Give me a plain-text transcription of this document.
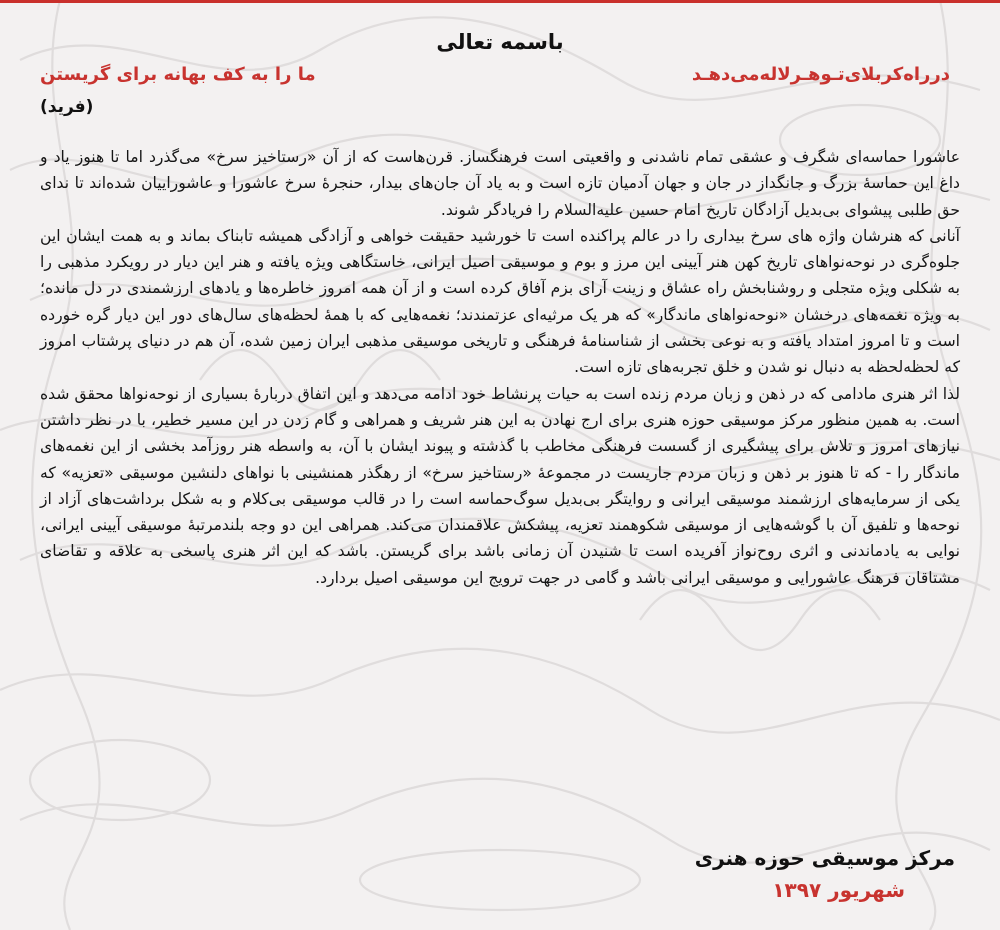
باسمه تعالی
درراه‌کربلای‌تـوهـرلاله‌می‌دهـد
ما را به کف بهانه برای گریستن
(فرید)

عاشورا حماسه‌ای شگرف و عشقی تمام ناشدنی و واقعیتی است فرهنگساز. قرن‌هاست که از آن «رستاخیز سرخ» می‌گذرد اما تا هنوز یاد و داغ این حماسهٔ بزرگ و جانگداز در جان و جهان آدمیان تازه است و به یاد آن جان‌های بیدار، حنجرهٔ سرخ عاشورا و عاشوراییان شده‌اند تا ندای حق طلبی پیشوای بی‌بدیل آزادگان تاریخ امام حسین علیه‌السلام را فریادگر شوند.

آنانی که هنرشان واژه های سرخ بیداری را در عالم پراکنده است تا خورشید حقیقت خواهی و آزادگی همیشه تابناک بماند و به همت ایشان این جلوه‌گری در نوحه‌نواهای تاریخ کهن هنر آیینی این مرز و بوم و موسیقی اصیل ایرانی، خاستگاهی ویژه یافته و هنر این دیار در رویکرد مذهبی را به شکلی ویژه متجلی و روشنابخش راه عشاق و زینت آرای بزم آفاق کرده است و از آن همه امروز خاطره‌ها و یادهای ارزشمندی در دل مانده؛ به ویژه نغمه‌های درخشان «نوحه‌نواهای ماندگار» که هر یک مرثیه‌ای عزتمندند؛ نغمه‌هایی که با همهٔ لحظه‌های سال‌های دور این دیار گره خورده است و تا امروز امتداد یافته و به نوعی بخشی از شناسنامهٔ فرهنگی و تاریخی موسیقی مذهبی ایران زمین شده، آن هم در دنیای پرشتاب امروز که لحظه‌لحظه به دنبال نو شدن و خلق تجربه‌های تازه است.

لذا اثر هنری مادامی که در ذهن و زبان مردم زنده است به حیات پرنشاط خود ادامه می‌دهد و این اتفاق دربارهٔ بسیاری از نوحه‌نواها محقق شده است. به همین منظور مرکز موسیقی حوزه هنری برای ارج نهادن به این هنر شریف و همراهی و گام زدن در این مسیر خطیر، با در نظر داشتن نیازهای امروز و تلاش برای پیشگیری از گسست فرهنگی مخاطب با گذشته و پیوند ایشان با آن، به واسطه هنر روزآمد بخشی از این نغمه‌های ماندگار را - که تا هنوز بر ذهن و زبان مردم جاریست در مجموعهٔ «رستاخیز سرخ» از رهگذر همنشینی با نواهای دلنشین موسیقی «تعزیه» که یکی از سرمایه‌های ارزشمند موسیقی ایرانی و روایتگر بی‌بدیل سوگ‌حماسه است را در قالب موسیقی بی‌کلام و به شکل برداشت‌های آزاد از نوحه‌ها و تلفیق آن با گوشه‌هایی از موسیقی شکوهمند تعزیه، پیشکش علاقمندان می‌کند. همراهی این دو وجه بلندمرتبهٔ موسیقی آیینی ایرانی، نوایی به یادماندنی و اثری روح‌نواز آفریده است تا شنیدن آن زمانی باشد برای گریستن. باشد که این اثر هنری پاسخی به علاقه و تقاضای مشتاقان فرهنگ عاشورایی و موسیقی ایرانی باشد و گامی در جهت ترویج این موسیقی اصیل بردارد.

مرکز موسیقی حوزه هنری
شهریور ۱۳۹۷
